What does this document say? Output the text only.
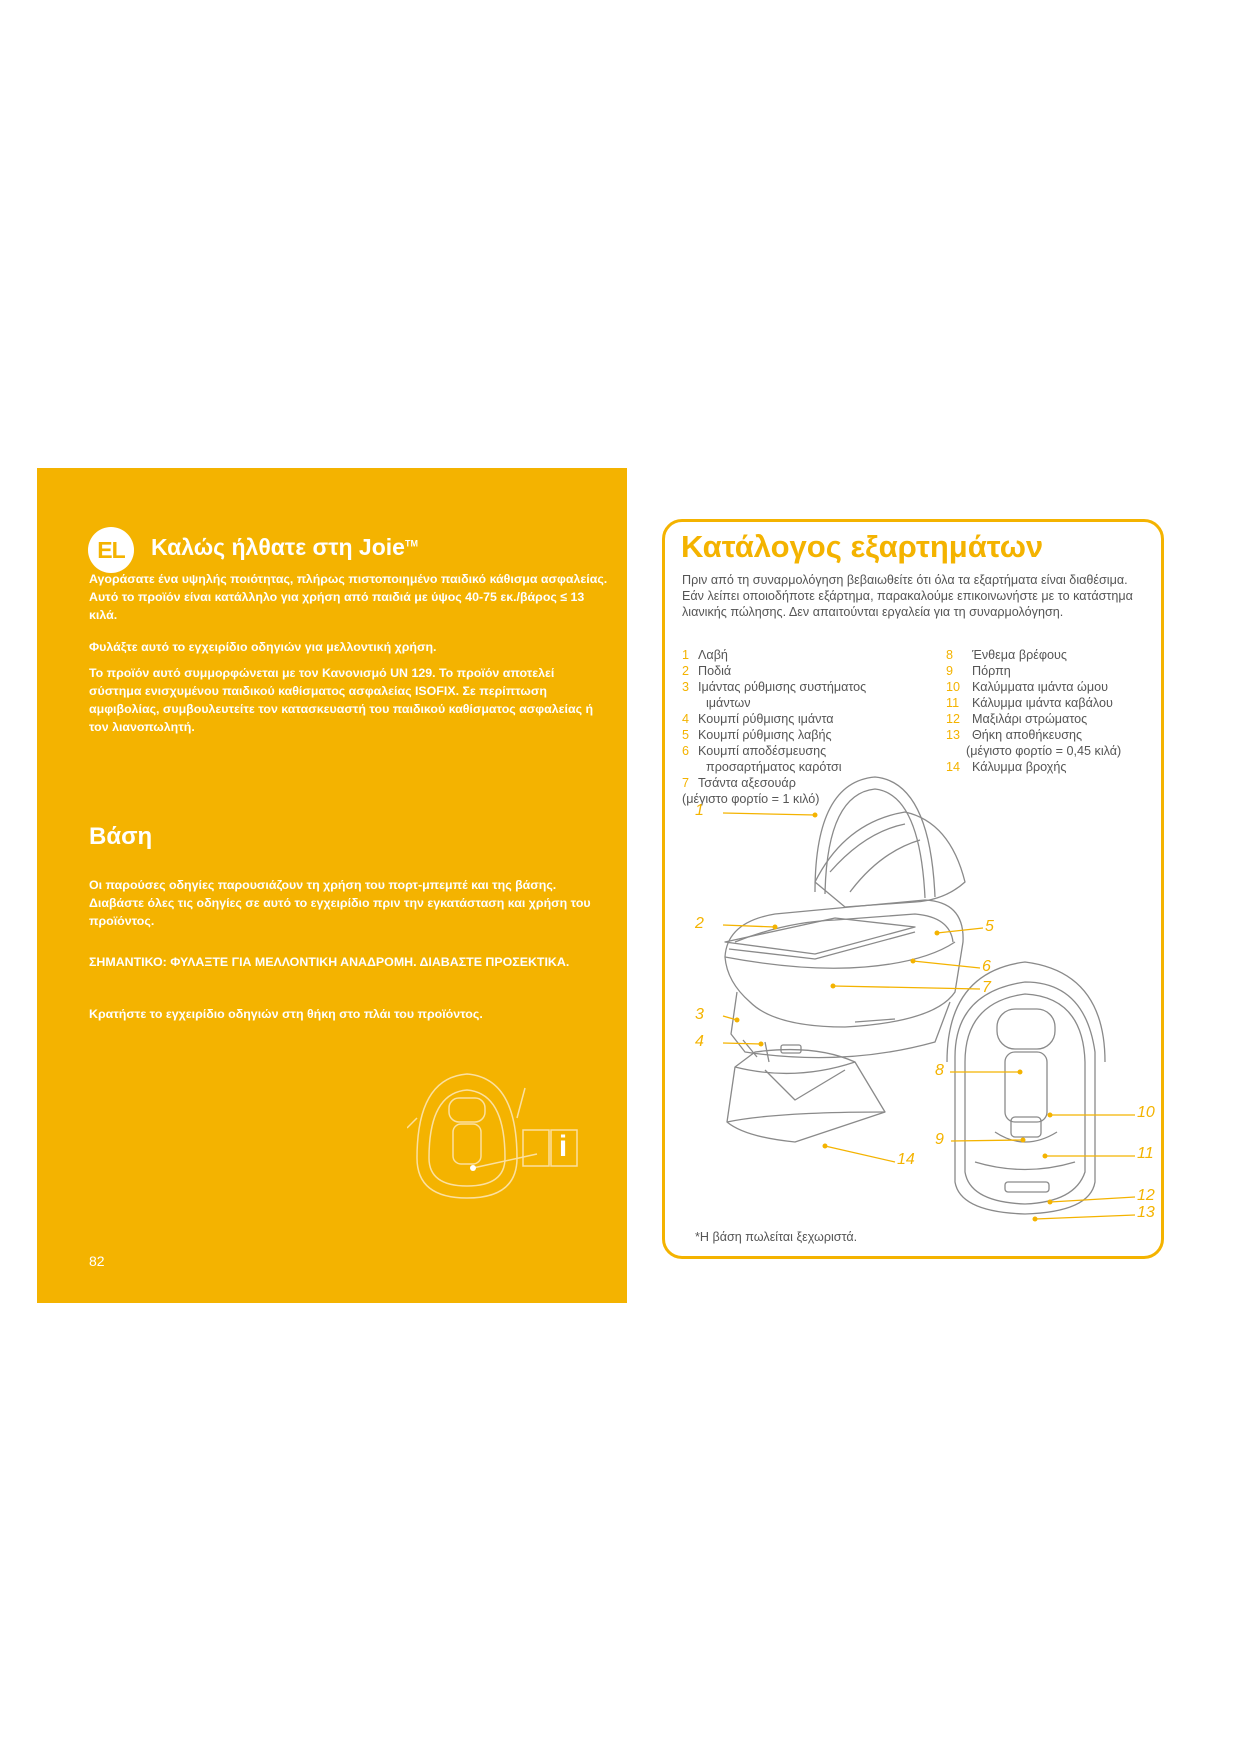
EL	Καλώς ήλθατε στη Joie™
Αγοράσατε ένα υψηλής ποιότητας, πλήρως πιστοποιημένο παιδικό κάθισμα ασφαλείας. Αυτό το προϊόν είναι κατάλληλο για χρήση από παιδιά με ύψος 40-75 εκ./βάρος ≤ 13 κιλά.
Φυλάξτε αυτό το εγχειρίδιο οδηγιών για μελλοντική χρήση.
Το προϊόν αυτό συμμορφώνεται με τον Κανονισμό UN 129. Το προϊόν αποτελεί σύστημα ενισχυμένου παιδικού καθίσματος ασφαλείας ISOFIX. Σε περίπτωση αμφιβολίας, συμβουλευτείτε τον κατασκευαστή του παιδικού καθίσματος ασφαλείας ή τον λιανοπωλητή.
Βάση
Οι παρούσες οδηγίες παρουσιάζουν τη χρήση του πορτ-μπεμπέ και της βάσης. Διαβάστε όλες τις οδηγίες σε αυτό το εγχειρίδιο πριν την εγκατάσταση και χρήση του προϊόντος.
ΣΗΜΑΝΤΙΚΟ: ΦΥΛΑΞΤΕ ΓΙΑ ΜΕΛΛΟΝΤΙΚΗ ΑΝΑΔΡΟΜΗ. ΔΙΑΒΑΣΤΕ ΠΡΟΣΕΚΤΙΚΑ.
Κρατήστε το εγχειρίδιο οδηγιών στη θήκη στο πλάι του προϊόντος.
i
82
Κατάλογος εξαρτημάτων
Πριν από τη συναρμολόγηση βεβαιωθείτε ότι όλα τα εξαρτήματα είναι διαθέσιμα. Εάν λείπει οποιοδήποτε εξάρτημα, παρακαλούμε επικοινωνήστε με το κατάστημα λιανικής πώλησης. Δεν απαιτούνται εργαλεία για τη συναρμολόγηση.
1 Λαβή
2 Ποδιά
3 Ιμάντας ρύθμισης συστήματος
ιμάντων
4 Κουμπί ρύθμισης ιμάντα
5 Κουμπί ρύθμισης λαβής
6 Κουμπί αποδέσμευσης
προσαρτήματος καρότσι
7 Τσάντα αξεσουάρ
(μέγιστο φορτίο = 1 κιλό)
8	Ένθεμα βρέφους
9	Πόρπη
10 Καλύμματα ιμάντα ώμου
11	Κάλυμμα ιμάντα καβάλου
12 Μαξιλάρι στρώματος
13 Θήκη αποθήκευσης
(μέγιστο φορτίο = 0,45 κιλά)
14 Κάλυμμα βροχής
1
2
3
4
5
6
7
8
9
10
11
12
13
14
*Η βάση πωλείται ξεχωριστά.
